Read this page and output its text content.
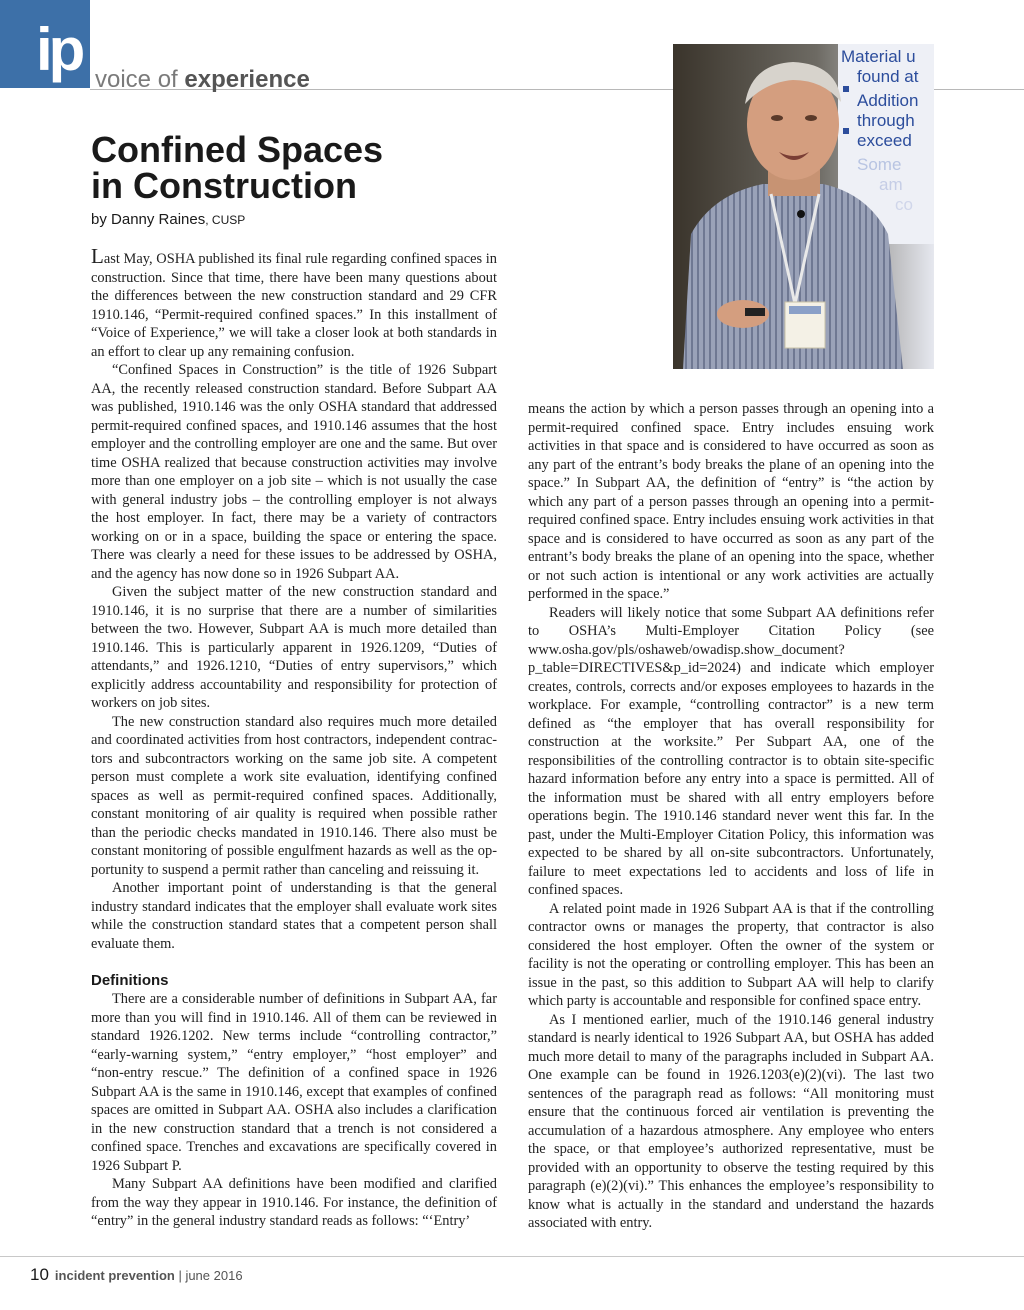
ip voice of experience
Confined Spaces
in Construction
by Danny Raines, CUSP
Material u
found at
Addition
through
exceed
Some
am
co

Last May, OSHA published its final rule regarding confined spaces in construction. Since that time, there have been many questions about the differences between the new construction standard and 29 CFR 1910.146, “Permit-required confined spaces.” In this installment of “Voice of Experience,” we will take a closer look at both standards in an effort to clear up any remaining confusion.

“Confined Spaces in Construction” is the title of 1926 Subpart AA, the recently released construction standard. Before Subpart AA was published, 1910.146 was the only OSHA standard that addressed permit-required confined spaces, and 1910.146 assumes that the host employer and the controlling employer are one and the same. But over time OSHA realized that because construction activities may involve more than one employer on a job site – which is not usually the case with general industry jobs – the controlling employer is not always the host employer. In fact, there may be a variety of contractors working on or in a space, building the space or entering the space. There was clearly a need for these issues to be addressed by OSHA, and the agency has now done so in 1926 Subpart AA.

Given the subject matter of the new construction standard and 1910.146, it is no surprise that there are a number of similarities between the two. However, Subpart AA is much more detailed than 1910.146. This is particularly apparent in 1926.1209, “Duties of attendants,” and 1926.1210, “Duties of entry supervisors,” which explicitly address accountability and responsibility for protection of workers on job sites.

The new construction standard also requires much more detailed and coordinated activities from host contractors, independent contractors and subcontractors working on the same job site. A competent person must complete a work site evaluation, identifying confined spaces as well as permit-required confined spaces. Additionally, constant monitoring of air quality is required when possible rather than the periodic checks mandated in 1910.146. There also must be constant monitoring of possible engulfment hazards as well as the opportunity to suspend a permit rather than canceling and reissuing it.

Another important point of understanding is that the general industry standard indicates that the employer shall evaluate work sites while the construction standard states that a competent person shall evaluate them.

Definitions

There are a considerable number of definitions in Subpart AA, far more than you will find in 1910.146. All of them can be reviewed in standard 1926.1202. New terms include “controlling contractor,” “early-warning system,” “entry employer,” “host employer” and “non-entry rescue.” The definition of a confined space in 1926 Subpart AA is the same in 1910.146, except that examples of confined spaces are omitted in Subpart AA. OSHA also includes a clarification in the new construction standard that a trench is not considered a confined space. Trenches and excavations are specifically covered in 1926 Subpart P.

Many Subpart AA definitions have been modified and clarified from the way they appear in 1910.146. For instance, the definition of “entry” in the general industry standard reads as follows: “‘Entry’

means the action by which a person passes through an opening into a permit-required confined space. Entry includes ensuing work activities in that space and is considered to have occurred as soon as any part of the entrant’s body breaks the plane of an opening into the space.” In Subpart AA, the definition of “entry” is “the action by which any part of a person passes through an opening into a permit-required confined space. Entry includes ensuing work activities in that space and is considered to have occurred as soon as any part of the entrant’s body breaks the plane of an opening into the space, whether or not such action is intentional or any work activities are actually performed in the space.”

Readers will likely notice that some Subpart AA definitions refer to OSHA’s Multi-Employer Citation Policy (see www.osha.gov/pls/oshaweb/owadisp.show_document?p_table=DIRECTIVES&p_id=2024) and indicate which employer creates, controls, corrects and/or exposes employees to hazards in the workplace. For example, “controlling contractor” is a new term defined as “the employer that has overall responsibility for construction at the worksite.” Per Subpart AA, one of the responsibilities of the controlling contractor is to obtain site-specific hazard information before any entry into a space is permitted. All of the information must be shared with all entry employers before operations begin. The 1910.146 standard never went this far. In the past, under the Multi-Employer Citation Policy, this information was expected to be shared by all on-site subcontractors. Unfortunately, failure to meet expectations led to accidents and loss of life in confined spaces.

A related point made in 1926 Subpart AA is that if the controlling contractor owns or manages the property, that contractor is also considered the host employer. Often the owner of the system or facility is not the operating or controlling employer. This has been an issue in the past, so this addition to Subpart AA will help to clarify which party is accountable and responsible for confined space entry.

As I mentioned earlier, much of the 1910.146 general industry standard is nearly identical to 1926 Subpart AA, but OSHA has added much more detail to many of the paragraphs included in Subpart AA. One example can be found in 1926.1203(e)(2)(vi). The last two sentences of the paragraph read as follows: “All monitoring must ensure that the continuous forced air ventilation is preventing the accumulation of a hazardous atmosphere. Any employee who enters the space, or that employee’s authorized representative, must be provided with an opportunity to observe the testing required by this paragraph (e)(2)(vi).” This enhances the employee’s responsibility to know what is actually in the standard and understand the hazards associated with entry.

10 incident prevention | june 2016
